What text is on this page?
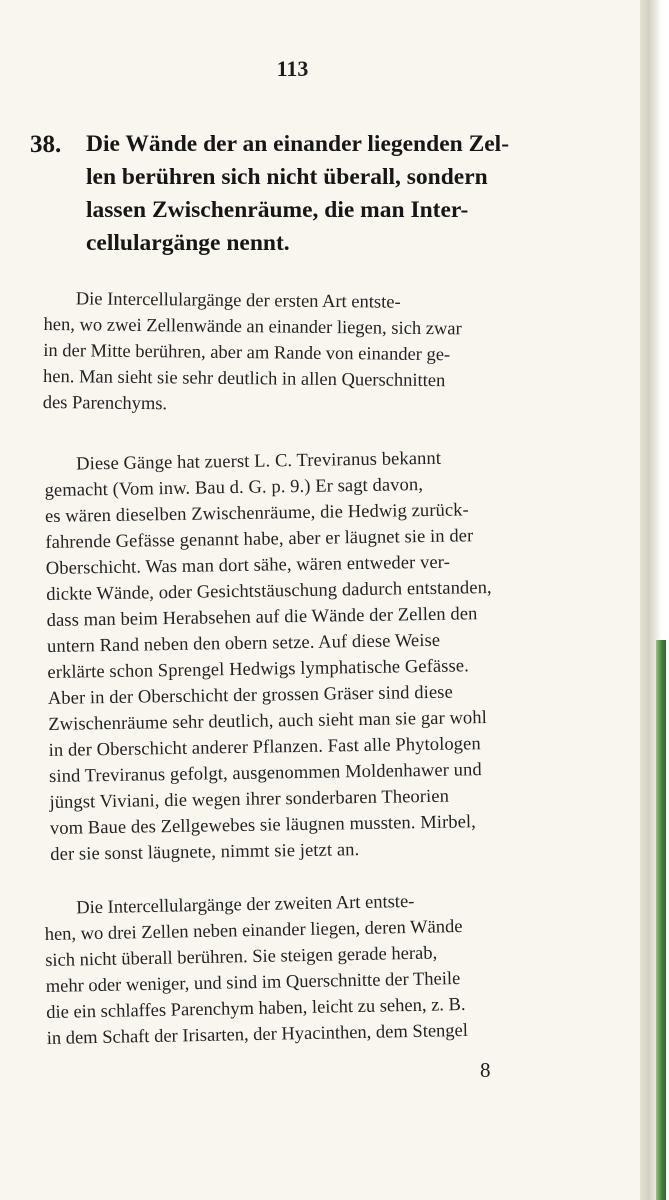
113
38. Die Wände der an einander liegenden Zel-
len berühren sich nicht überall, sondern
lassen Zwischenräume, die man Inter-
cellulargänge nennt.
Die Intercellulargänge der ersten Art entste-
hen, wo zwei Zellenwände an einander liegen, sich zwar
in der Mitte berühren, aber am Rande von einander ge-
hen. Man sieht sie sehr deutlich in allen Querschnitten
des Parenchyms.
Diese Gänge hat zuerst L. C. Treviranus bekannt
gemacht (Vom inw. Bau d. G. p. 9.) Er sagt davon,
es wären dieselben Zwischenräume, die Hedwig zurück-
fahrende Gefässe genannt habe, aber er läugnet sie in der
Oberschicht. Was man dort sähe, wären entweder ver-
dickte Wände, oder Gesichtstäuschung dadurch entstanden,
dass man beim Herabsehen auf die Wände der Zellen den
untern Rand neben den obern setze. Auf diese Weise
erklärte schon Sprengel Hedwigs lymphatische Gefässe.
Aber in der Oberschicht der grossen Gräser sind diese
Zwischenräume sehr deutlich, auch sieht man sie gar wohl
in der Oberschicht anderer Pflanzen. Fast alle Phytologen
sind Treviranus gefolgt, ausgenommen Moldenhawer und
jüngst Viviani, die wegen ihrer sonderbaren Theorien
vom Baue des Zellgewebes sie läugnen mussten. Mirbel,
der sie sonst läugnete, nimmt sie jetzt an.
Die Intercellulargänge der zweiten Art entste-
hen, wo drei Zellen neben einander liegen, deren Wände
sich nicht überall berühren. Sie steigen gerade herab,
mehr oder weniger, und sind im Querschnitte der Theile
die ein schlaffes Parenchym haben, leicht zu sehen, z. B.
in dem Schaft der Irisarten, der Hyacinthen, dem Stengel
8
